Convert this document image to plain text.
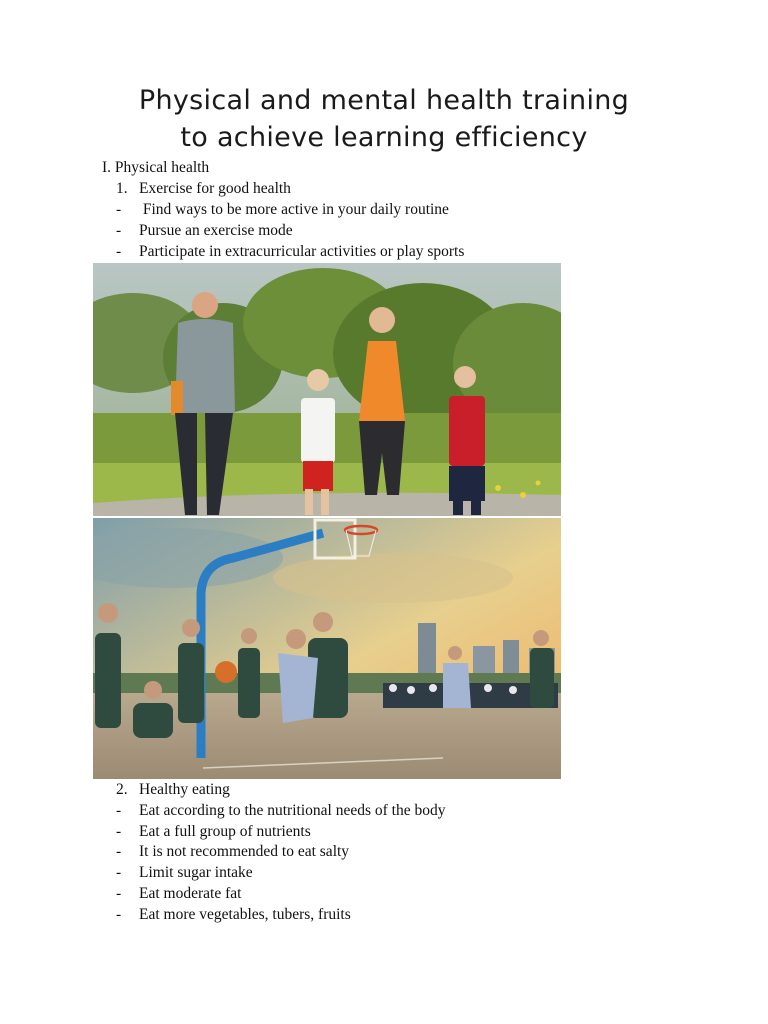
Physical and mental health training
to achieve learning efficiency
I. Physical health
1. Exercise for good health
- Find ways to be more active in your daily routine
- Pursue an exercise mode
- Participate in extracurricular activities or play sports
2. Healthy eating
- Eat according to the nutritional needs of the body
- Eat a full group of nutrients
- It is not recommended to eat salty
- Limit sugar intake
- Eat moderate fat
- Eat more vegetables, tubers, fruits
